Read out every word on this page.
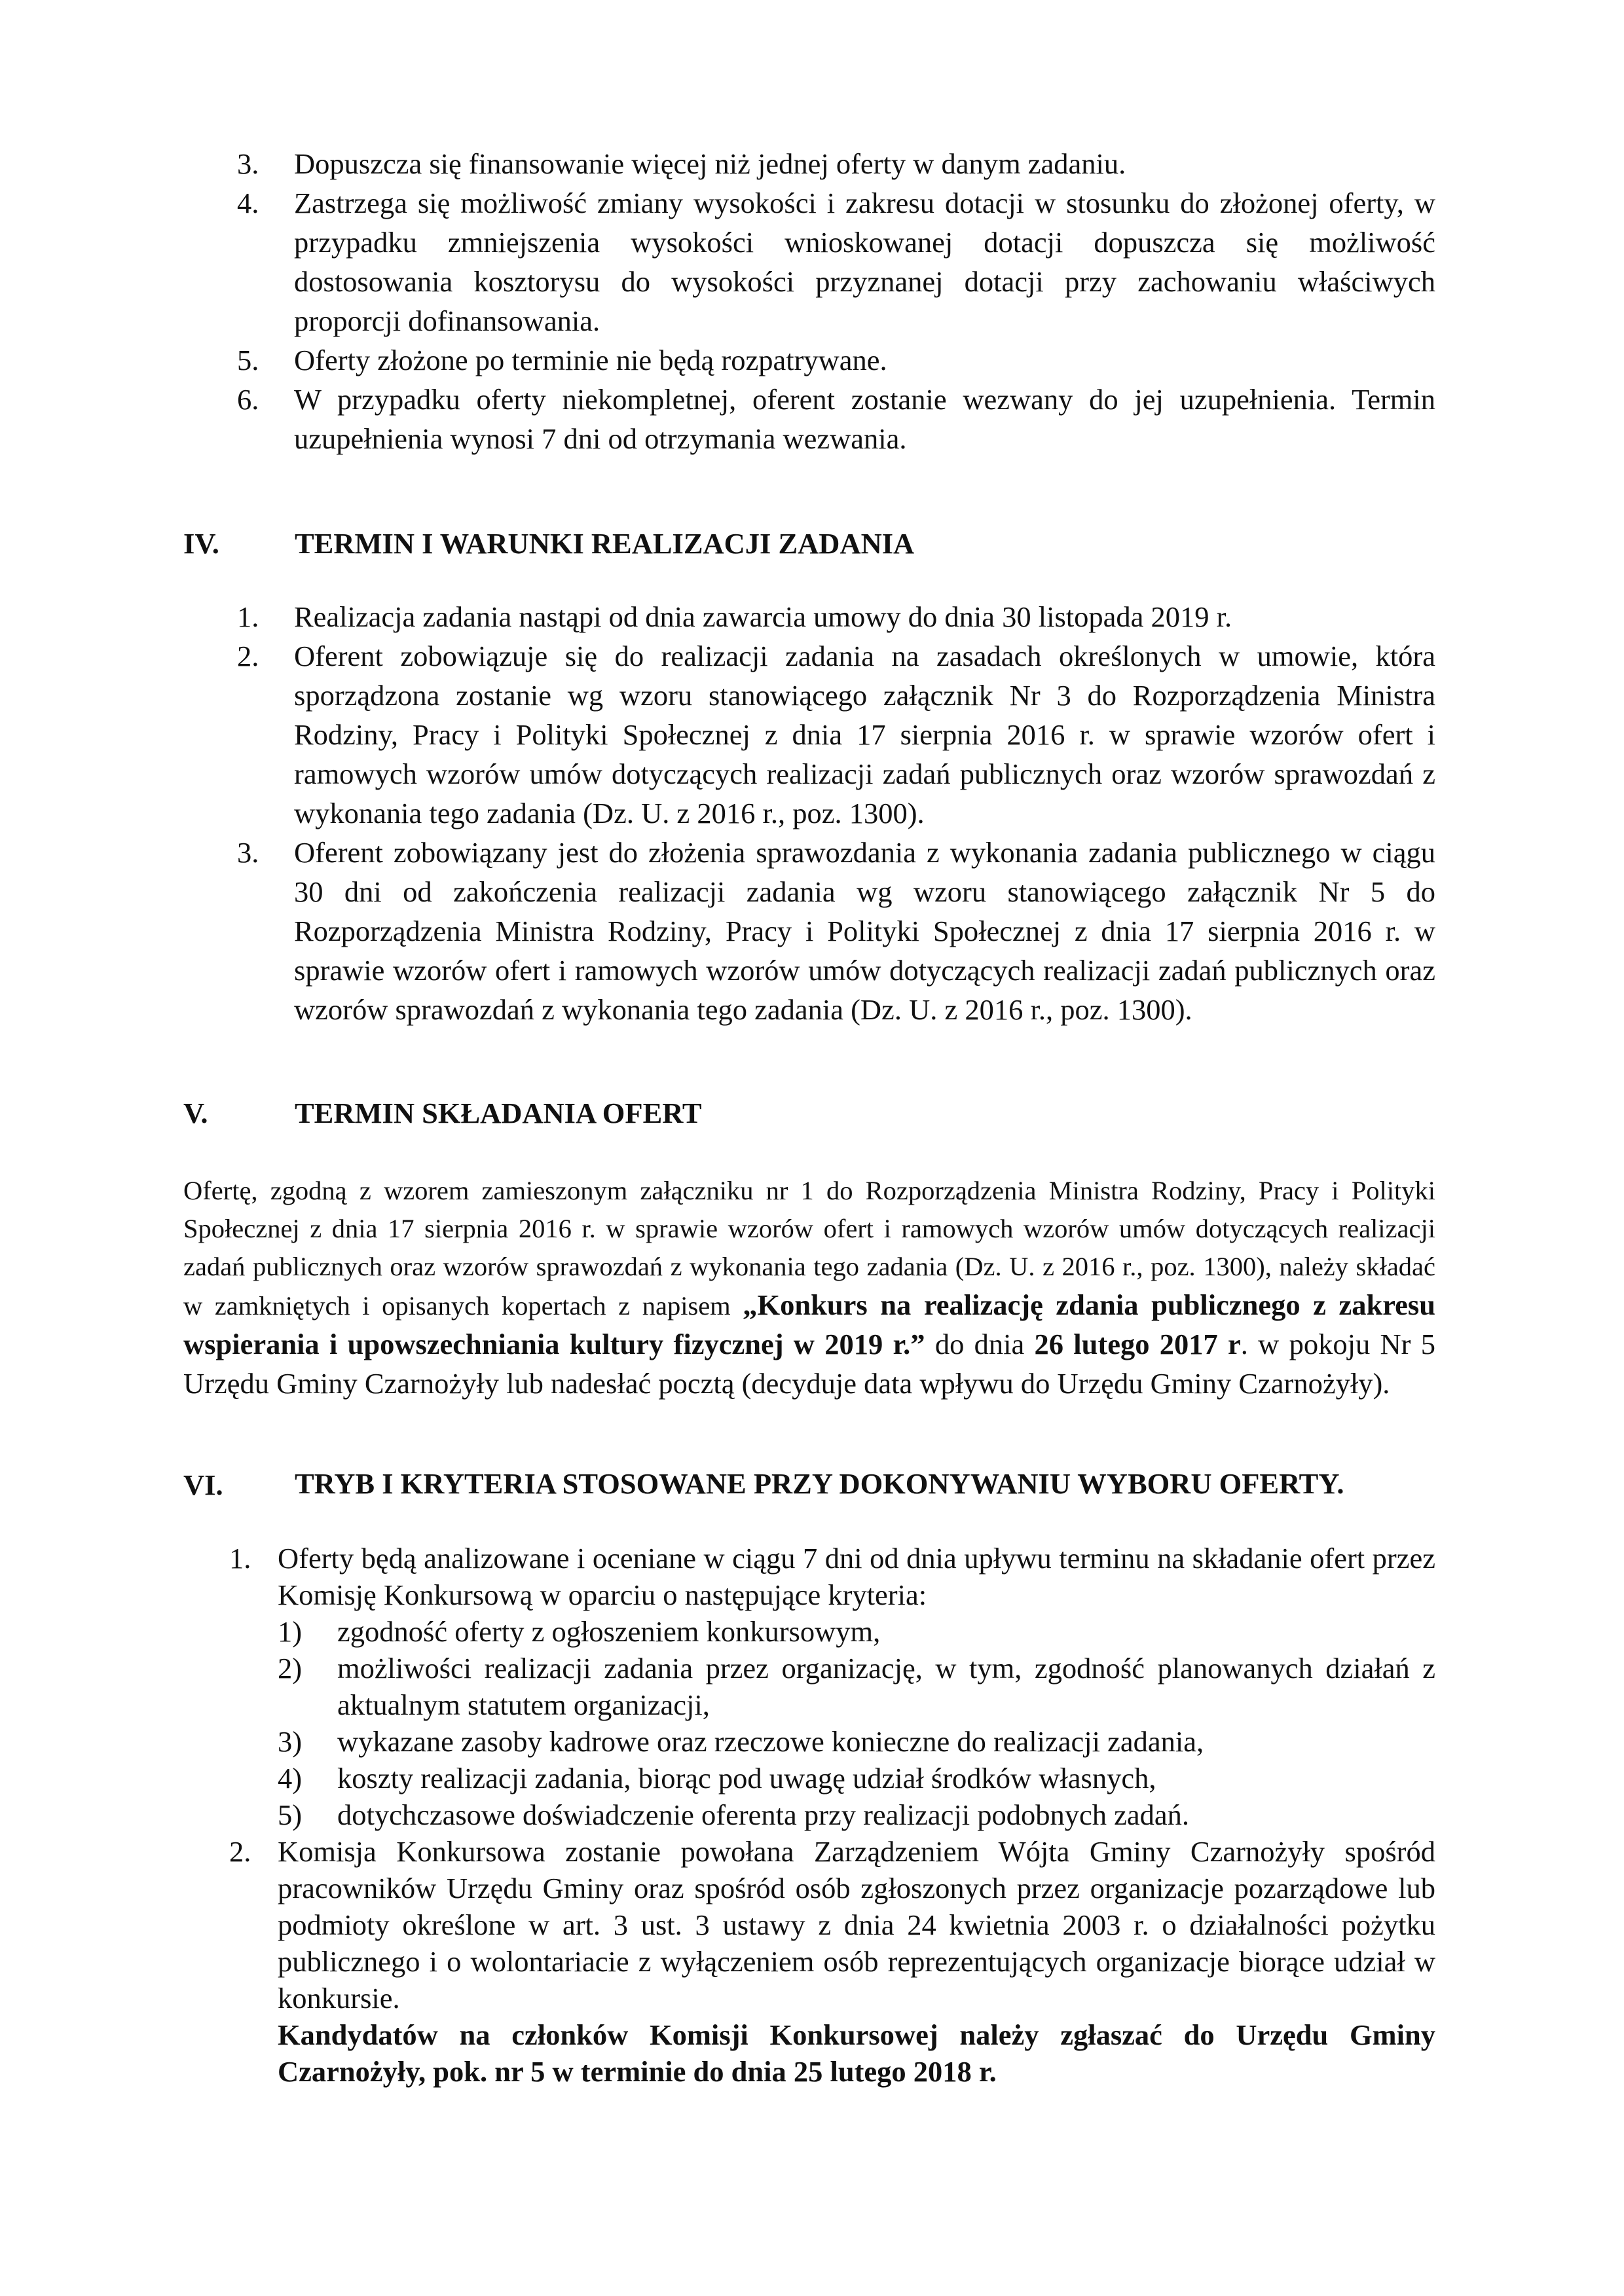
3. Dopuszcza się finansowanie więcej niż jednej oferty w danym zadaniu.
4. Zastrzega się możliwość zmiany wysokości i zakresu dotacji w stosunku do złożonej oferty, w przypadku zmniejszenia wysokości wnioskowanej dotacji dopuszcza się możliwość dostosowania kosztorysu do wysokości przyznanej dotacji przy zachowaniu właściwych proporcji dofinansowania.
5. Oferty złożone po terminie nie będą rozpatrywane.
6. W przypadku oferty niekompletnej, oferent zostanie wezwany do jej uzupełnienia. Termin uzupełnienia wynosi 7 dni od otrzymania wezwania.
IV.	TERMIN I WARUNKI REALIZACJI ZADANIA
1. Realizacja zadania nastąpi od dnia zawarcia umowy do dnia 30 listopada 2019 r.
2. Oferent zobowiązuje się do realizacji zadania na zasadach określonych w umowie, która sporządzona zostanie wg wzoru stanowiącego załącznik Nr 3 do Rozporządzenia Ministra Rodziny, Pracy i Polityki Społecznej z dnia 17 sierpnia 2016 r. w sprawie wzorów ofert i ramowych wzorów umów dotyczących realizacji zadań publicznych oraz wzorów sprawozdań z wykonania tego zadania (Dz. U. z 2016 r., poz. 1300).
3. Oferent zobowiązany jest do złożenia sprawozdania z wykonania zadania publicznego w ciągu 30 dni od zakończenia realizacji zadania wg wzoru stanowiącego załącznik Nr 5 do Rozporządzenia Ministra Rodziny, Pracy i Polityki Społecznej z dnia 17 sierpnia 2016 r. w sprawie wzorów ofert i ramowych wzorów umów dotyczących realizacji zadań publicznych oraz wzorów sprawozdań z wykonania tego zadania (Dz. U. z 2016 r., poz. 1300).
V.	TERMIN SKŁADANIA OFERT

Ofertę, zgodną z wzorem zamieszonym załączniku nr 1 do Rozporządzenia Ministra Rodziny, Pracy i Polityki Społecznej z dnia 17 sierpnia 2016 r. w sprawie wzorów ofert i ramowych wzorów umów dotyczących realizacji zadań publicznych oraz wzorów sprawozdań z wykonania tego zadania (Dz. U. z 2016 r., poz. 1300), należy składać w zamkniętych i opisanych kopertach z napisem „Konkurs na realizację zdania publicznego z zakresu wspierania i upowszechniania kultury fizycznej w 2019 r.” do dnia 26 lutego 2017 r. w pokoju Nr 5 Urzędu Gminy Czarnożyły lub nadesłać pocztą (decyduje data wpływu do Urzędu Gminy Czarnożyły).

VI. TRYB I KRYTERIA STOSOWANE PRZY DOKONYWANIU WYBORU OFERTY.
1. Oferty będą analizowane i oceniane w ciągu 7 dni od dnia upływu terminu na składanie ofert przez Komisję Konkursową w oparciu o następujące kryteria:
1) zgodność oferty z ogłoszeniem konkursowym,
2) możliwości realizacji zadania przez organizację, w tym, zgodność planowanych działań z aktualnym statutem organizacji,
3) wykazane zasoby kadrowe oraz rzeczowe konieczne do realizacji zadania,
4) koszty realizacji zadania, biorąc pod uwagę udział środków własnych,
5) dotychczasowe doświadczenie oferenta przy realizacji podobnych zadań.
2. Komisja Konkursowa zostanie powołana Zarządzeniem Wójta Gminy Czarnożyły spośród pracowników Urzędu Gminy oraz spośród osób zgłoszonych przez organizacje pozarządowe lub podmioty określone w art. 3 ust. 3 ustawy z dnia 24 kwietnia 2003 r. o działalności pożytku publicznego i o wolontariacie z wyłączeniem osób reprezentujących organizacje biorące udział w konkursie.
Kandydatów na członków Komisji Konkursowej należy zgłaszać do Urzędu Gminy Czarnożyły, pok. nr 5 w terminie do dnia 25 lutego 2018 r.
